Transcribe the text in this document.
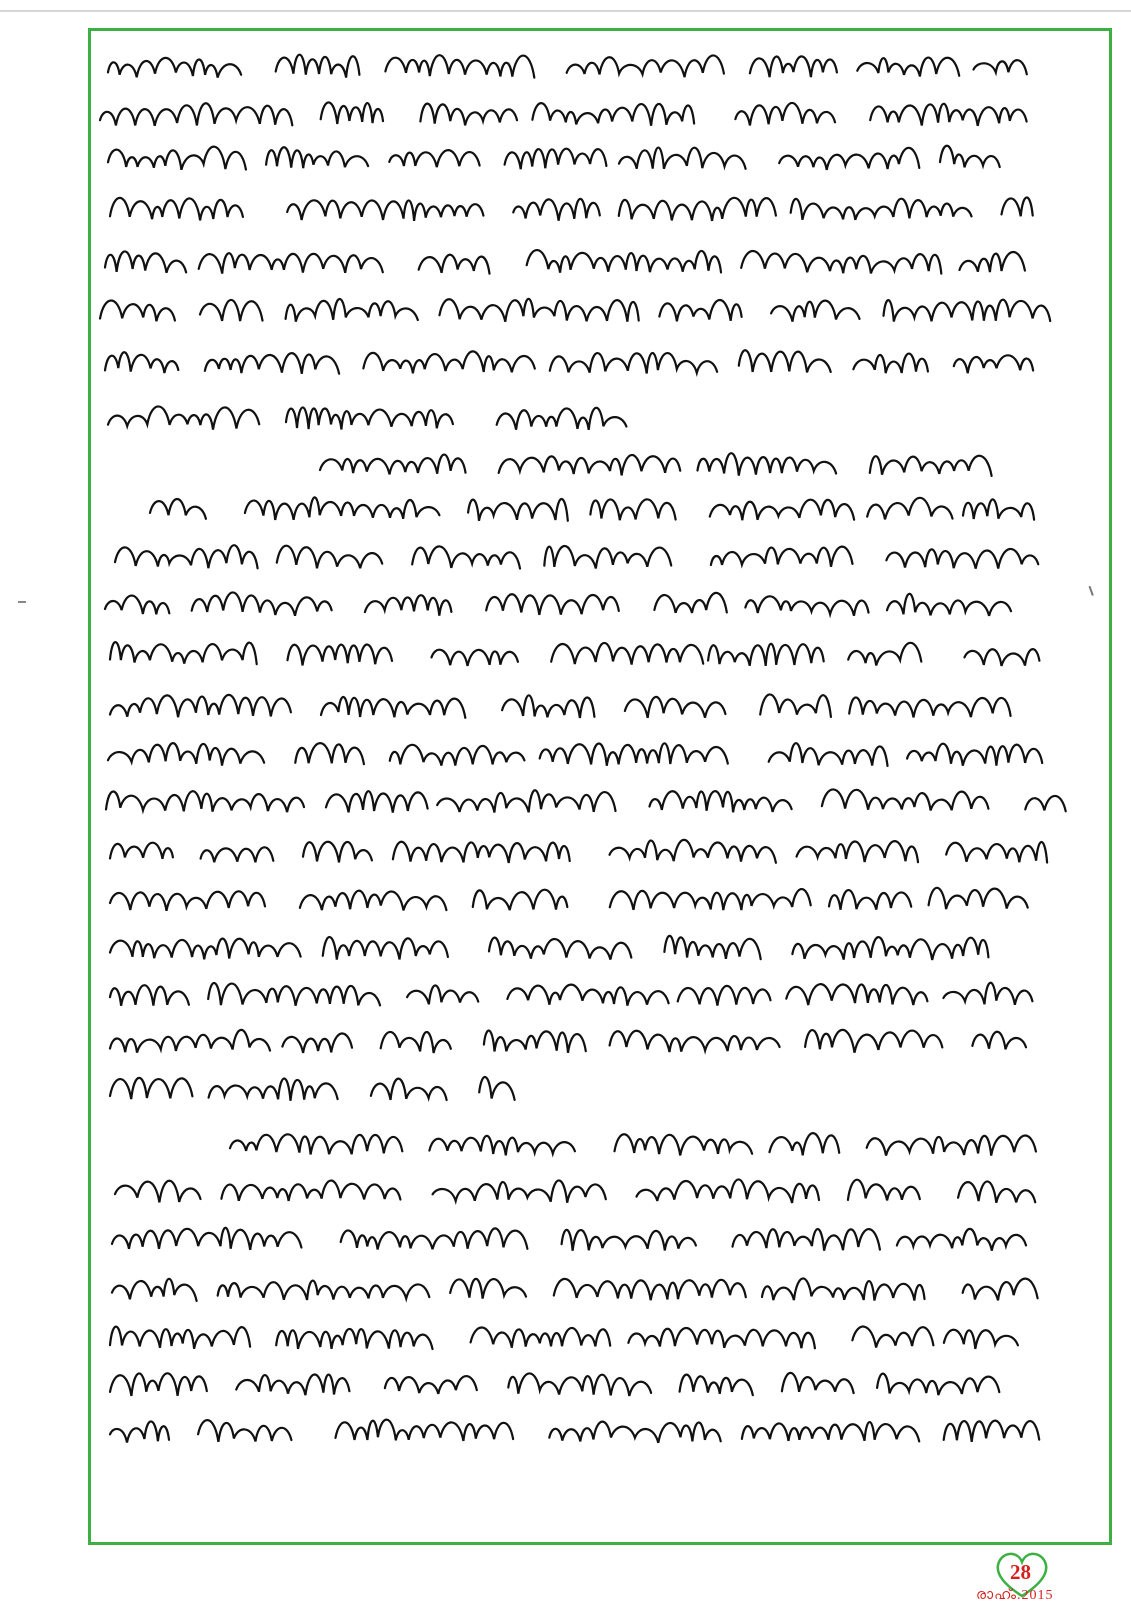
28
രാഹ്ം.2015
